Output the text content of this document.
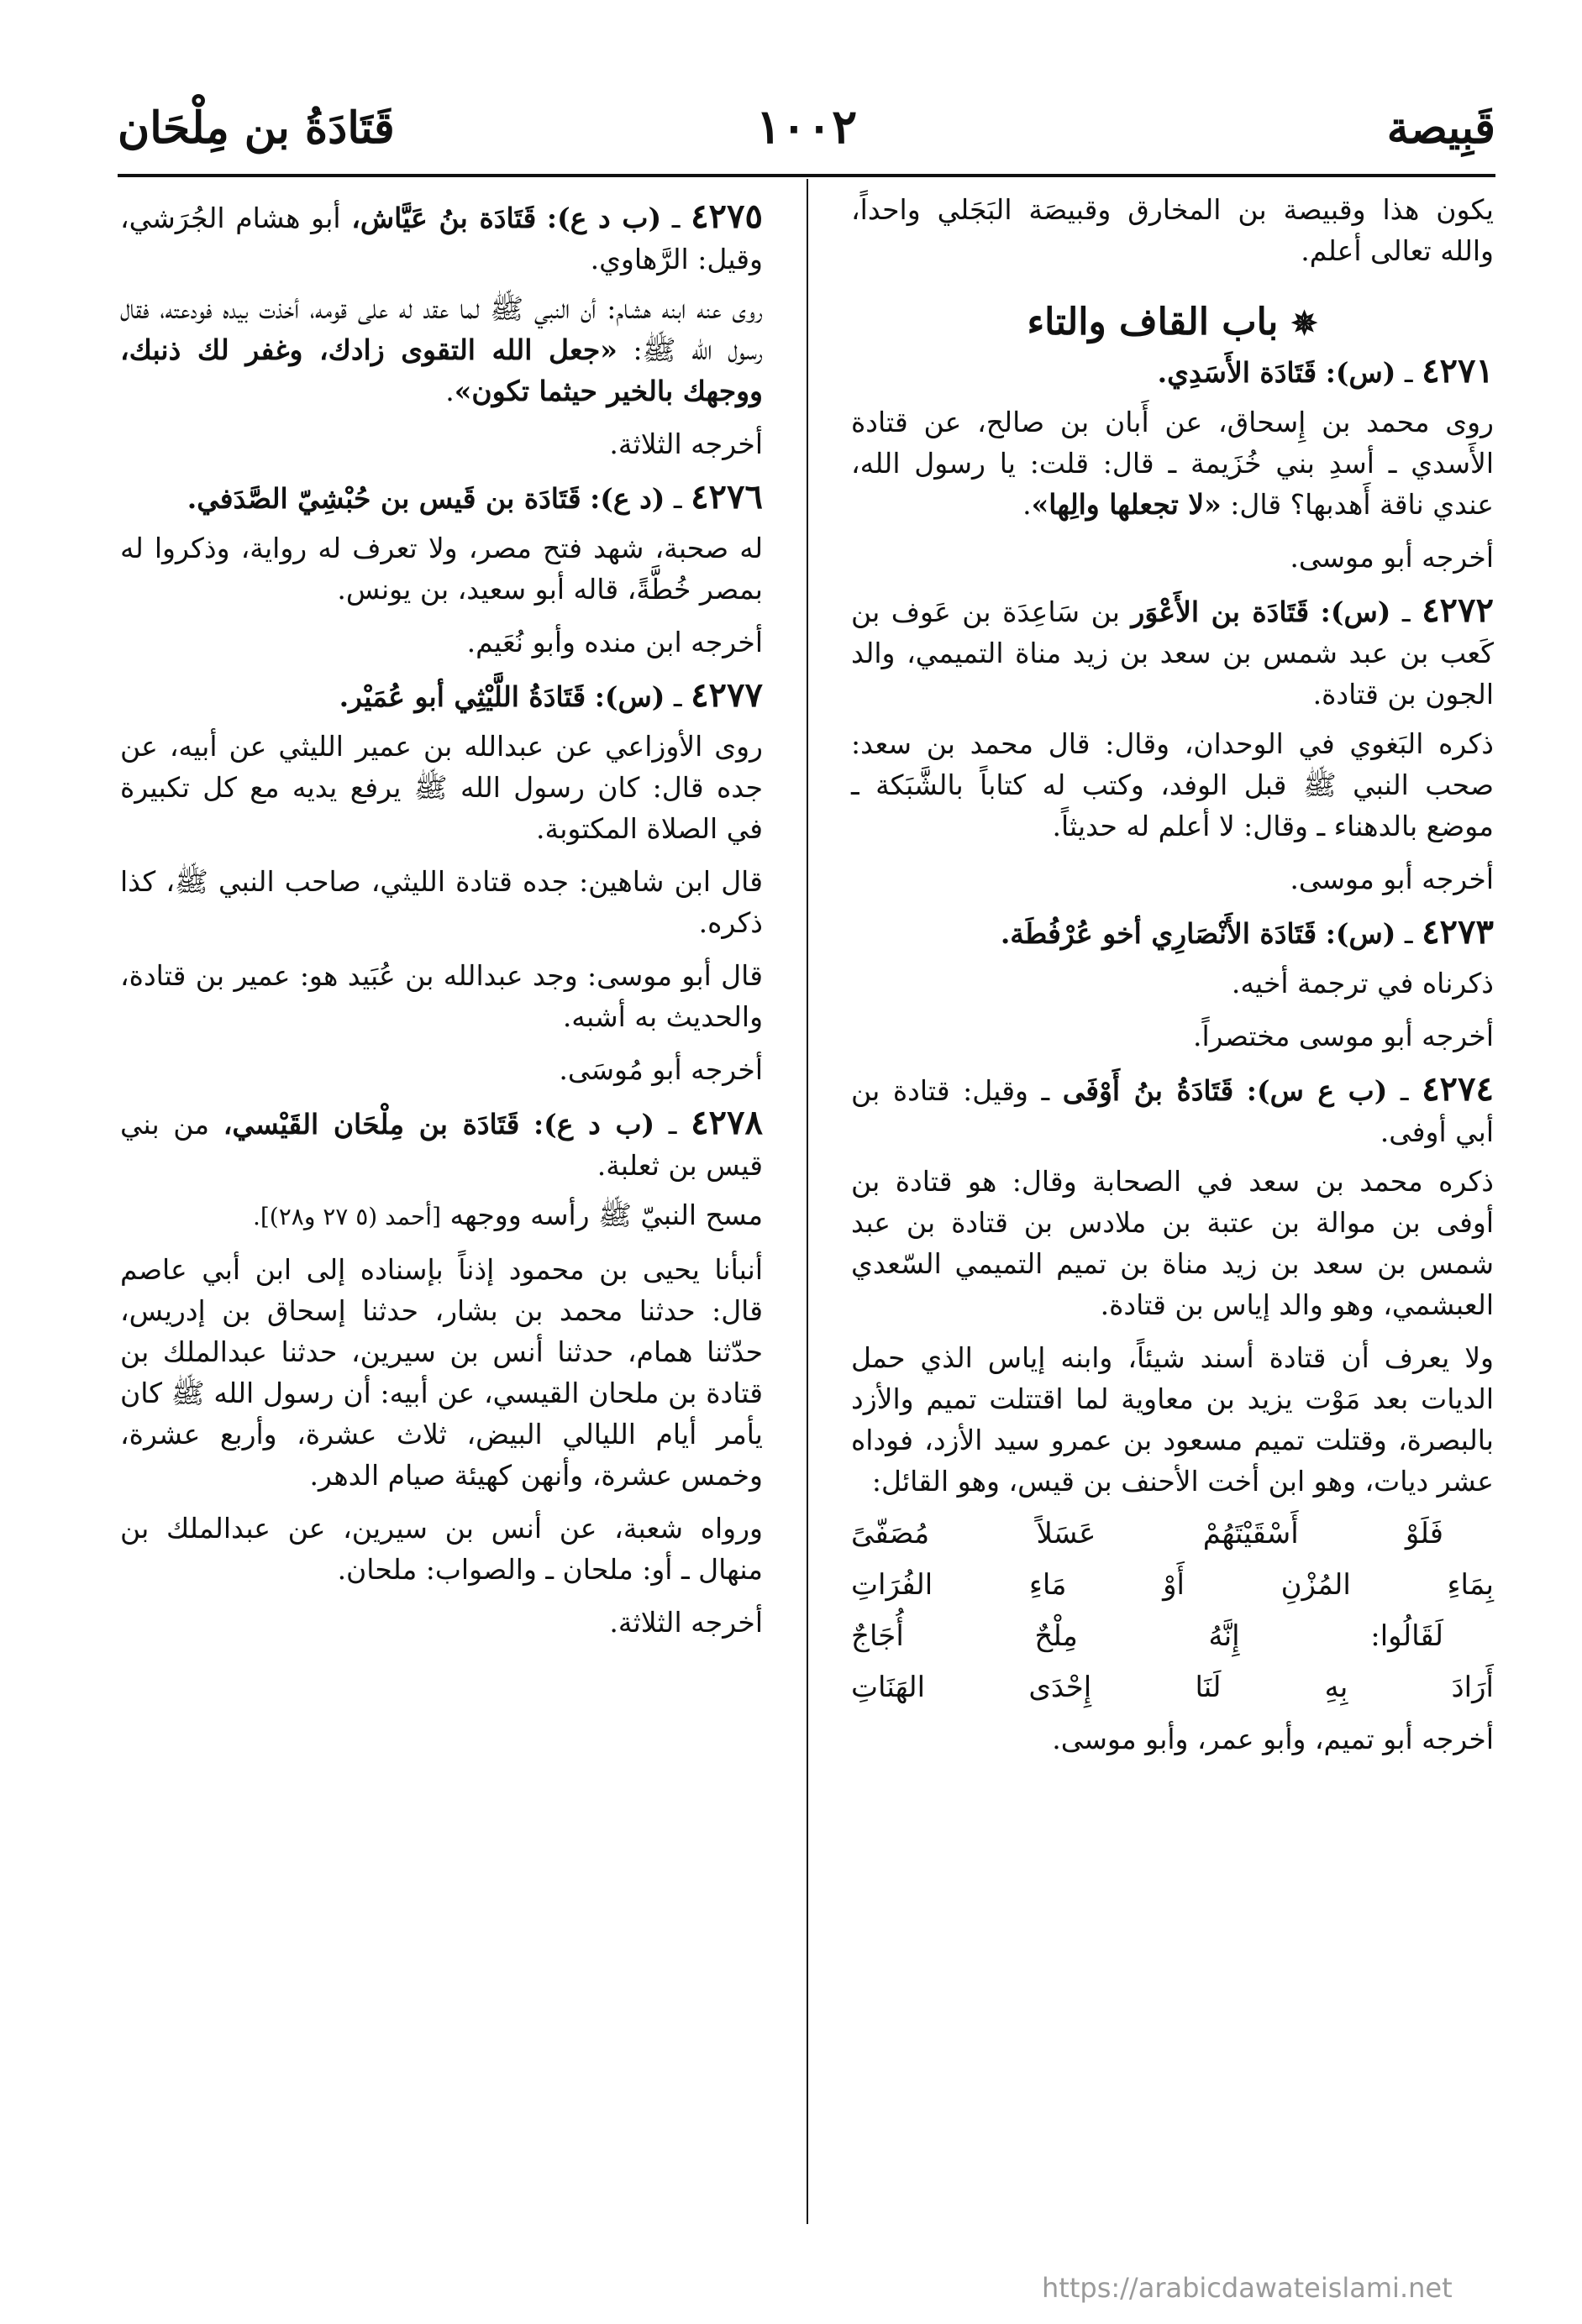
قَبِيصة
١٠٠٢
قَتَادَةُ بن مِلْحَان

يكون هذا وقبيصة بن المخارق وقبيصَة البَجَلي واحداً، والله تعالى أعلم.

✵ باب القاف والتاء
٤٢٧١ ـ (س): قَتَادَة الأَسَدِي.

روى محمد بن إِسحاق، عن أَبان بن صالح، عن قتادة الأَسدي ـ أسدِ بني خُزَيمة ـ قال: قلت: يا رسول الله، عندي ناقة أَهدبها؟ قال: «لا تجعلها والِها».

أخرجه أبو موسى.

٤٢٧٢ ـ (س): قَتَادَة بن الأَعْوَر بن سَاعِدَة بن عَوف بن كَعب بن عبد شمس بن سعد بن زيد مناة التميمي، والد الجون بن قتادة.

ذكره البَغوي في الوحدان، وقال: قال محمد بن سعد: صحب النبي ﷺ قبل الوفد، وكتب له كتاباً بالشَّبَكة ـ موضع بالدهناء ـ وقال: لا أعلم له حديثاً.

أخرجه أبو موسى.

٤٢٧٣ ـ (س): قَتَادَة الأَنْصَارِي أخو عُرْفُطَة.

ذكرناه في ترجمة أخيه.

أخرجه أبو موسى مختصراً.

٤٢٧٤ ـ (ب ع س): قَتَادَةُ بنُ أَوْفَى ـ وقيل: قتادة بن أبي أوفى.

ذكره محمد بن سعد في الصحابة وقال: هو قتادة بن أوفى بن موالة بن عتبة بن ملادس بن قتادة بن عبد شمس بن سعد بن زيد مناة بن تميم التميمي السّعدي العبشمي، وهو والد إياس بن قتادة.

ولا يعرف أن قتادة أسند شيئاً، وابنه إياس الذي حمل الديات بعد مَوْت يزيد بن معاوية لما اقتتلت تميم والأزد بالبصرة، وقتلت تميم مسعود بن عمرو سيد الأزد، فوداه عشر ديات، وهو ابن أخت الأحنف بن قيس، وهو القائل:

فَلَوْ أَسْقَيْتَهُمْ عَسَلاً مُصَفّىً
بِمَاءِ المُزْنِ أَوْ مَاءِ الفُرَاتِ
لَقَالُوا: إِنَّهُ مِلْحٌ أُجَاجٌ
أَرَادَ بِهِ لَنَا إِحْدَى الهَنَاتِ

أخرجه أبو تميم، وأبو عمر، وأبو موسى.

٤٢٧٥ ـ (ب د ع): قَتَادَة بنُ عَيَّاش، أبو هشام الجُرَشي، وقيل: الرَّهاوي.

روى عنه ابنه هشام: أن النبي ﷺ لما عقد له على قومه، أخذت بيده فودعته، فقال رسول الله ﷺ: «جعل الله التقوى زادك، وغفر لك ذنبك، ووجهك بالخير حيثما تكون».

أخرجه الثلاثة.

٤٢٧٦ ـ (د ع): قَتَادَة بن قَيس بن حُبْشِيّ الصَّدَفي.

له صحبة، شهد فتح مصر، ولا تعرف له رواية، وذكروا له بمصر خُطَّةً، قاله أبو سعيد، بن يونس.

أخرجه ابن منده وأبو نُعَيم.

٤٢٧٧ ـ (س): قَتَادَةُ اللَّيْثِي أبو عُمَيْر.

روى الأوزاعي عن عبدالله بن عمير الليثي عن أبيه، عن جده قال: كان رسول الله ﷺ يرفع يديه مع كل تكبيرة في الصلاة المكتوبة.

قال ابن شاهين: جده قتادة الليثي، صاحب النبي ﷺ، كذا ذكره.

قال أبو موسى: وجد عبدالله بن عُبَيد هو: عمير بن قتادة، والحديث به أشبه.

أخرجه أبو مُوسَى.

٤٢٧٨ ـ (ب د ع): قَتَادَة بن مِلْحَان القَيْسي، من بني قيس بن ثعلبة.

مسح النبيّ ﷺ رأسه ووجهه [أحمد (٥ ٢٧ و٢٨)].

أنبأنا يحيى بن محمود إذناً بإسناده إلى ابن أبي عاصم قال: حدثنا محمد بن بشار، حدثنا إسحاق بن إدريس، حدّثنا همام، حدثنا أنس بن سيرين، حدثنا عبدالملك بن قتادة بن ملحان القيسي، عن أبيه: أن رسول الله ﷺ كان يأمر أيام الليالي البيض، ثلاث عشرة، وأربع عشرة، وخمس عشرة، وأنهن كهيئة صيام الدهر.

ورواه شعبة، عن أنس بن سيرين، عن عبدالملك بن منهال ـ أو: ملحان ـ والصواب: ملحان.

أخرجه الثلاثة.

https://arabicdawateislami.net
